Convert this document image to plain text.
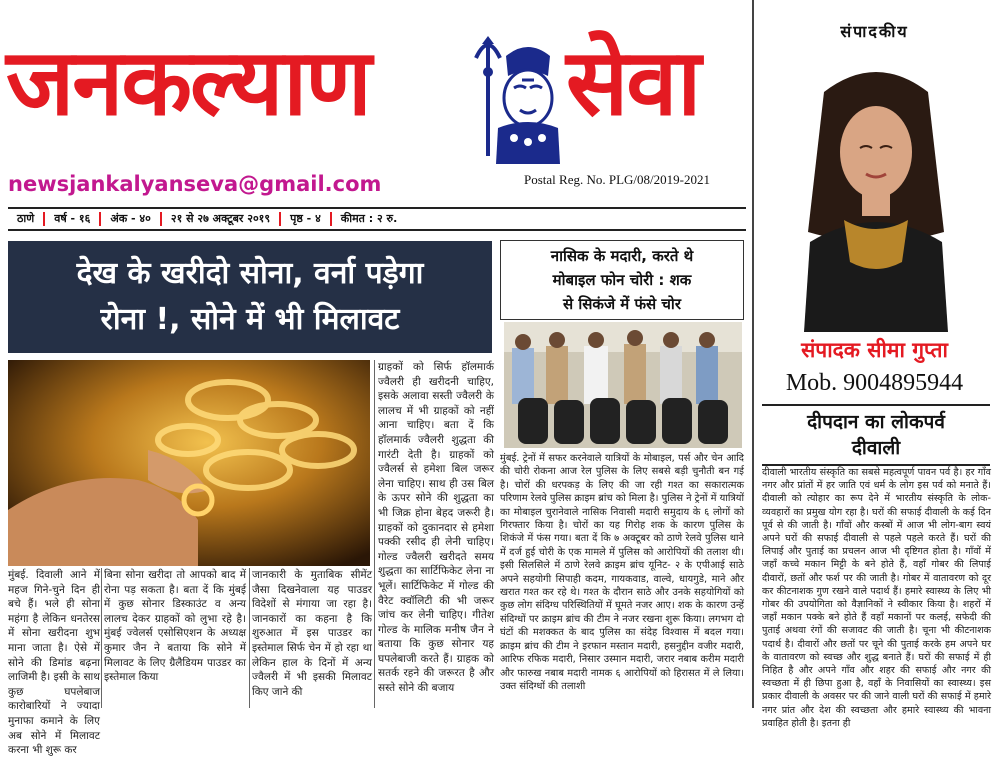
जनकल्याण सेवा
newsjankalyanseva@gmail.com	Postal Reg. No. PLG/08/2019-2021
ठाणे	वर्ष - १६	अंक - ४०	२१ से २७ अक्टूबर २०१९	पृष्ठ - ४	कीमत : २ रु.
देख के खरीदो सोना, वर्ना पड़ेगा
रोना !, सोने में भी मिलावट
मुंबई. दिवाली आने में महज गिने-चुने दिन ही बचे हैं। भले ही सोना महंगा है लेकिन धनतेरस में सोना खरीदना शुभ माना जाता है। ऐसे में सोने की डिमांड बढ़ना लाजिमी है। इसी के साथ कुछ घपलेबाज कारोबारियों ने ज्यादा मुनाफा कमाने के लिए अब सोने में मिलावट करना भी शुरू कर
बिना सोना खरीदा तो आपको बाद में रोना पड़ सकता है। बता दें कि मुंबई में कुछ सोनार डिस्काउंट व अन्य लालच देकर ग्राहकों को लुभा रहे है। मुंबई ज्वेलर्स एसोसिएशन के अध्यक्ष कुमार जैन ने बताया कि सोने में मिलावट के लिए ग्रैलैडियम पाउडर का इस्तेमाल किया
जानकारी के मुताबिक सीमेंट जैसा दिखनेवाला यह पाउडर विदेशों से मंगाया जा रहा है। जानकारों का कहना है कि शुरुआत में इस पाउडर का इस्तेमाल सिर्फ चेन में हो रहा था लेकिन हाल के दिनों में अन्य ज्वैलरी में भी इसकी मिलावट किए जाने की
ग्राहकों को सिर्फ हॉलमार्क ज्वैलरी ही खरीदनी चाहिए, इसके अलावा सस्ती ज्वैलरी के लालच में भी ग्राहकों को नहीं आना चाहिए। बता दें कि हॉलमार्क ज्वैलरी शुद्धता की गारंटी देती है। ग्राहकों को ज्वैलर्स से हमेशा बिल जरूर लेना चाहिए। साथ ही उस बिल के ऊपर सोने की शुद्धता का भी जिक्र होना बेहद जरूरी है। ग्राहकों को दुकानदार से हमेशा पक्की रसीद ही लेनी चाहिए। गोल्ड ज्वैलरी खरीदते समय शुद्धता का सार्टिफिकेट लेना ना भूलें। सार्टिफिकेट में गोल्ड की वैरेट क्वॉलिटी की भी जरूर जांच कर लेनी चाहिए। गीतेश गोल्ड के मालिक मनीष जैन ने बताया कि कुछ सोनार यह घपलेबाजी करते हैं। ग्राहक को सतर्क रहने की जरूरत है और सस्ते सोने की बजाय
नासिक के मदारी, करते थे
मोबाइल फोन चोरी : शक
से सिकंजे में फंसे चोर
मुंबई. ट्रेनों में सफर करनेवाले यात्रियों के मोबाइल, पर्स और चेन आदि की चोरी रोकना आज रेल पुलिस के लिए सबसे बड़ी चुनौती बन गई है। चोरों की धरपकड़ के लिए की जा रही गश्त का सकारात्मक परिणाम रेलवे पुलिस क्राइम ब्रांच को मिला है। पुलिस ने ट्रेनों में यात्रियों का मोबाइल चुरानेवाले नासिक निवासी मदारी समुदाय के ६ लोगों को गिरफ्तार किया है। चोरों का यह गिरोह शक के कारण पुलिस के शिकंजे में फंस गया। बता दें कि ७ अक्टूबर को ठाणे रेलवे पुलिस थाने में दर्ज हुई चोरी के एक मामले में पुलिस को आरोपियों की तलाश थी। इसी सिलसिले में ठाणे रेलवे क्राइम ब्रांच यूनिट- २ के एपीआई साठे अपने सहयोगी सिपाही कदम, गायकवाड, वाल्वे, धायगुडे, माने और खरात गश्त कर रहे थे। गश्त के दौरान साठे और उनके सहयोगियों को कुछ लोग संदिग्ध परिस्थितियों में घूमते नजर आए। शक के कारण उन्हें संदिग्धों पर क्राइम ब्रांच की टीम ने नजर रखना शुरू किया। लगभग दो घंटों की मशक्कत के बाद पुलिस का संदेह विश्वास में बदल गया। क्राइम ब्रांच की टीम ने इरफान मस्तान मदारी, हसनुद्दीन वजीर मदारी, आरिफ रफिक मदारी, निसार उस्मान मदारी, जरार नबाब करीम मदारी और फारुख नबाब मदारी नामक ६ आरोपियों को हिरासत में ले लिया। उक्त संदिग्धों की तलाशी
संपादकीय
संपादक सीमा गुप्ता
Mob. 9004895944
दीपदान का लोकपर्व
दीवाली
दीवाली भारतीय संस्कृति का सबसे महत्वपूर्ण पावन पर्व है। हर गाँव नगर और प्रांतों में हर जाति एवं धर्म के लोग इस पर्व को मनाते हैं। दीवाली को त्योहार का रूप देने में भारतीय संस्कृति के लोक-व्यवहारों का प्रमुख योग रहा है। घरों की सफाई दीवाली के कई दिन पूर्व से की जाती है। गाँवों और कस्बों में आज भी लोग-बाग स्वयं अपने घरों की सफाई दीवाली से पहले पहले करते हैं। घरों की लिपाई और पुताई का प्रचलन आज भी दृष्टिगत होता है। गाँवों में जहाँ कच्चे मकान मिट्टी के बने होते हैं, वहाँ गोबर की लिपाई दीवारों, छतों और फर्श पर की जाती है। गोबर में वातावरण को दूर कर कीटनाशक गुण रखने वाले पदार्थ हैं। हमारे स्वास्थ्य के लिए भी गोबर की उपयोगिता को वैज्ञानिकों ने स्वीकार किया है। शहरों में जहाँ मकान पक्के बने होते हैं वहाँ मकानों पर कलई, सफेदी की पुताई अथवा रंगों की सजावट की जाती है। चूना भी कीटनाशक पदार्थ है। दीवारों और छतों पर चूने की पुताई करके हम अपने घर के वातावरण को स्वच्छ और शुद्ध बनाते हैं। घरों की सफाई में ही निहित है और अपने गाँव और शहर की सफाई और नगर की स्वच्छता में ही छिपा हुआ है, वहाँ के निवासियों का स्वास्थ्य। इस प्रकार दीवाली के अवसर पर की जाने वाली घरों की सफाई में हमारे नगर प्रांत और देश की स्वच्छता और हमारे स्वास्थ्य की भावना प्रवाहित होती है। इतना ही
